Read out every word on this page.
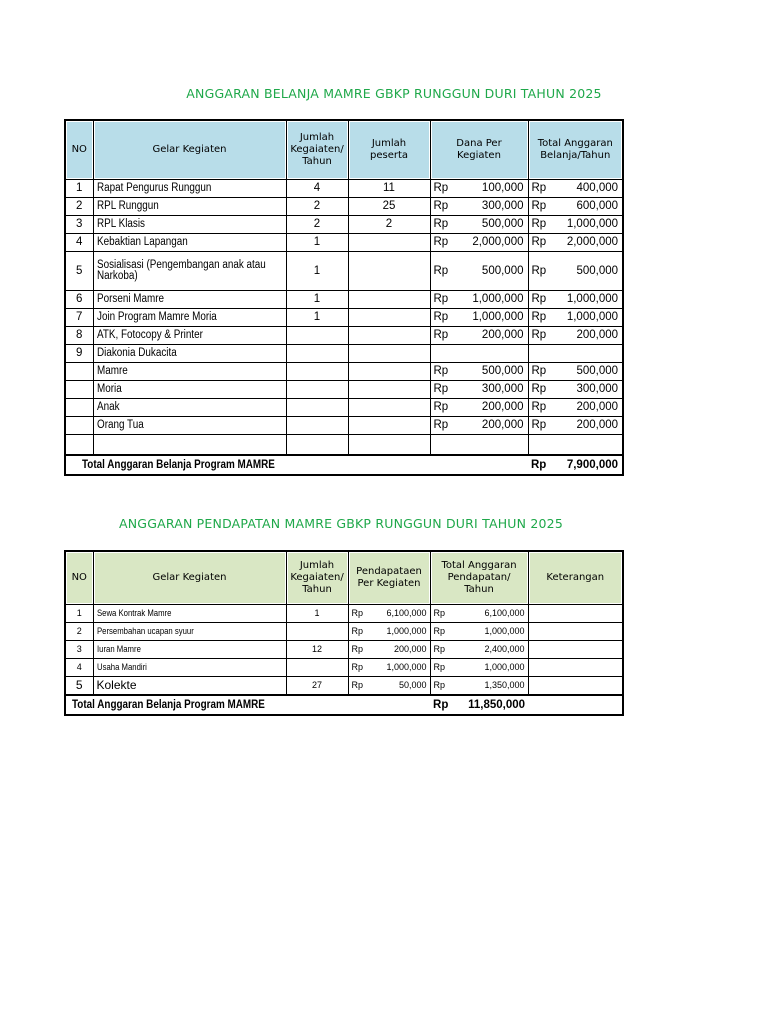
ANGGARAN BELANJA MAMRE GBKP RUNGGUN DURI TAHUN 2025
NO	Gelar Kegiaten	Jumlah Kegaiaten/ Tahun	Jumlah peserta	Dana Per Kegiaten		Total Anggaran Belanja/Tahun	
1	Rapat Pengurus Runggun	4	11	Rp	100,000	Rp	400,000
2	RPL Runggun	2	25	Rp	300,000	Rp	600,000
3	RPL Klasis	2	2	Rp	500,000	Rp	1,000,000
4	Kebaktian Lapangan	1		Rp	2,000,000	Rp	2,000,000
5	Sosialisasi (Pengembangan anak atau Narkoba)	1		Rp	500,000	Rp	500,000
6	Porseni Mamre	1		Rp	1,000,000	Rp	1,000,000
7	Join Program Mamre Moria	1		Rp	1,000,000	Rp	1,000,000
8	ATK, Fotocopy & Printer			Rp	200,000	Rp	200,000
9	Diakonia Dukacita						
	Mamre			Rp	500,000	Rp	500,000
	Moria			Rp	300,000	Rp	300,000
	Anak			Rp	200,000	Rp	200,000
	Orang Tua			Rp	200,000	Rp	200,000

Total Anggaran Belanja Program MAMRE						Rp	7,900,000
ANGGARAN PENDAPATAN MAMRE GBKP RUNGGUN DURI TAHUN 2025
NO	Gelar Kegiaten	Jumlah Kegaiaten/ Tahun	Pendapataen Per Kegiaten		Total Anggaran Pendapatan/ Tahun		Keterangan
1	Sewa Kontrak Mamre	1	Rp	6,100,000	Rp	6,100,000	
2	Persembahan ucapan syuur		Rp	1,000,000	Rp	1,000,000	
3	Iuran Mamre	12	Rp	200,000	Rp	2,400,000	
4	Usaha Mandiri		Rp	1,000,000	Rp	1,000,000	
5	Kolekte	27	Rp	50,000	Rp	1,350,000	
Total Anggaran Belanja Program MAMRE					Rp	11,850,000	
